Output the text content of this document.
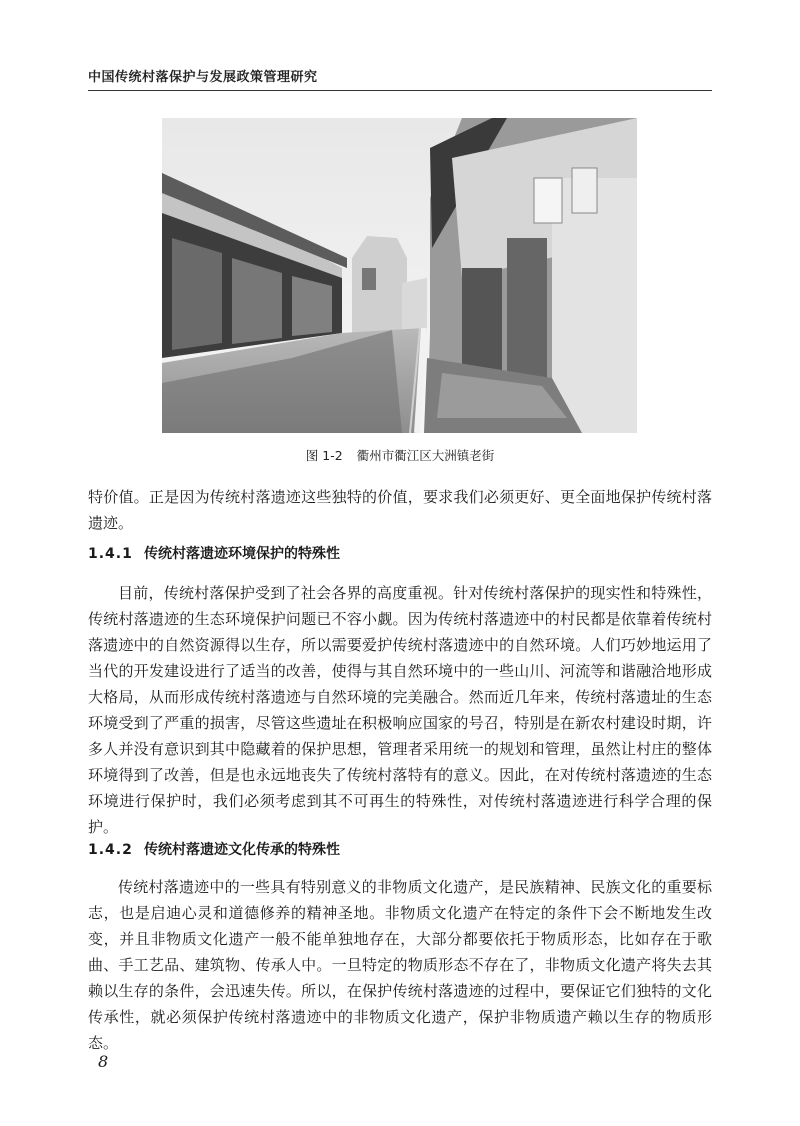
中国传统村落保护与发展政策管理研究
图 1-2 衢州市衢江区大洲镇老街

特价值。正是因为传统村落遗迹这些独特的价值，要求我们必须更好、更全面地保护传统村落遗迹。

1.4.1 传统村落遗迹环境保护的特殊性

目前，传统村落保护受到了社会各界的高度重视。针对传统村落保护的现实性和特殊性，传统村落遗迹的生态环境保护问题已不容小觑。因为传统村落遗迹中的村民都是依靠着传统村落遗迹中的自然资源得以生存，所以需要爱护传统村落遗迹中的自然环境。人们巧妙地运用了当代的开发建设进行了适当的改善，使得与其自然环境中的一些山川、河流等和谐融洽地形成大格局，从而形成传统村落遗迹与自然环境的完美融合。然而近几年来，传统村落遗址的生态环境受到了严重的损害，尽管这些遗址在积极响应国家的号召，特别是在新农村建设时期，许多人并没有意识到其中隐藏着的保护思想，管理者采用统一的规划和管理，虽然让村庄的整体环境得到了改善，但是也永远地丧失了传统村落特有的意义。因此，在对传统村落遗迹的生态环境进行保护时，我们必须考虑到其不可再生的特殊性，对传统村落遗迹进行科学合理的保护。

1.4.2 传统村落遗迹文化传承的特殊性

传统村落遗迹中的一些具有特别意义的非物质文化遗产，是民族精神、民族文化的重要标志，也是启迪心灵和道德修养的精神圣地。非物质文化遗产在特定的条件下会不断地发生改变，并且非物质文化遗产一般不能单独地存在，大部分都要依托于物质形态，比如存在于歌曲、手工艺品、建筑物、传承人中。一旦特定的物质形态不存在了，非物质文化遗产将失去其赖以生存的条件，会迅速失传。所以，在保护传统村落遗迹的过程中，要保证它们独特的文化传承性，就必须保护传统村落遗迹中的非物质文化遗产，保护非物质遗产赖以生存的物质形态。

8
